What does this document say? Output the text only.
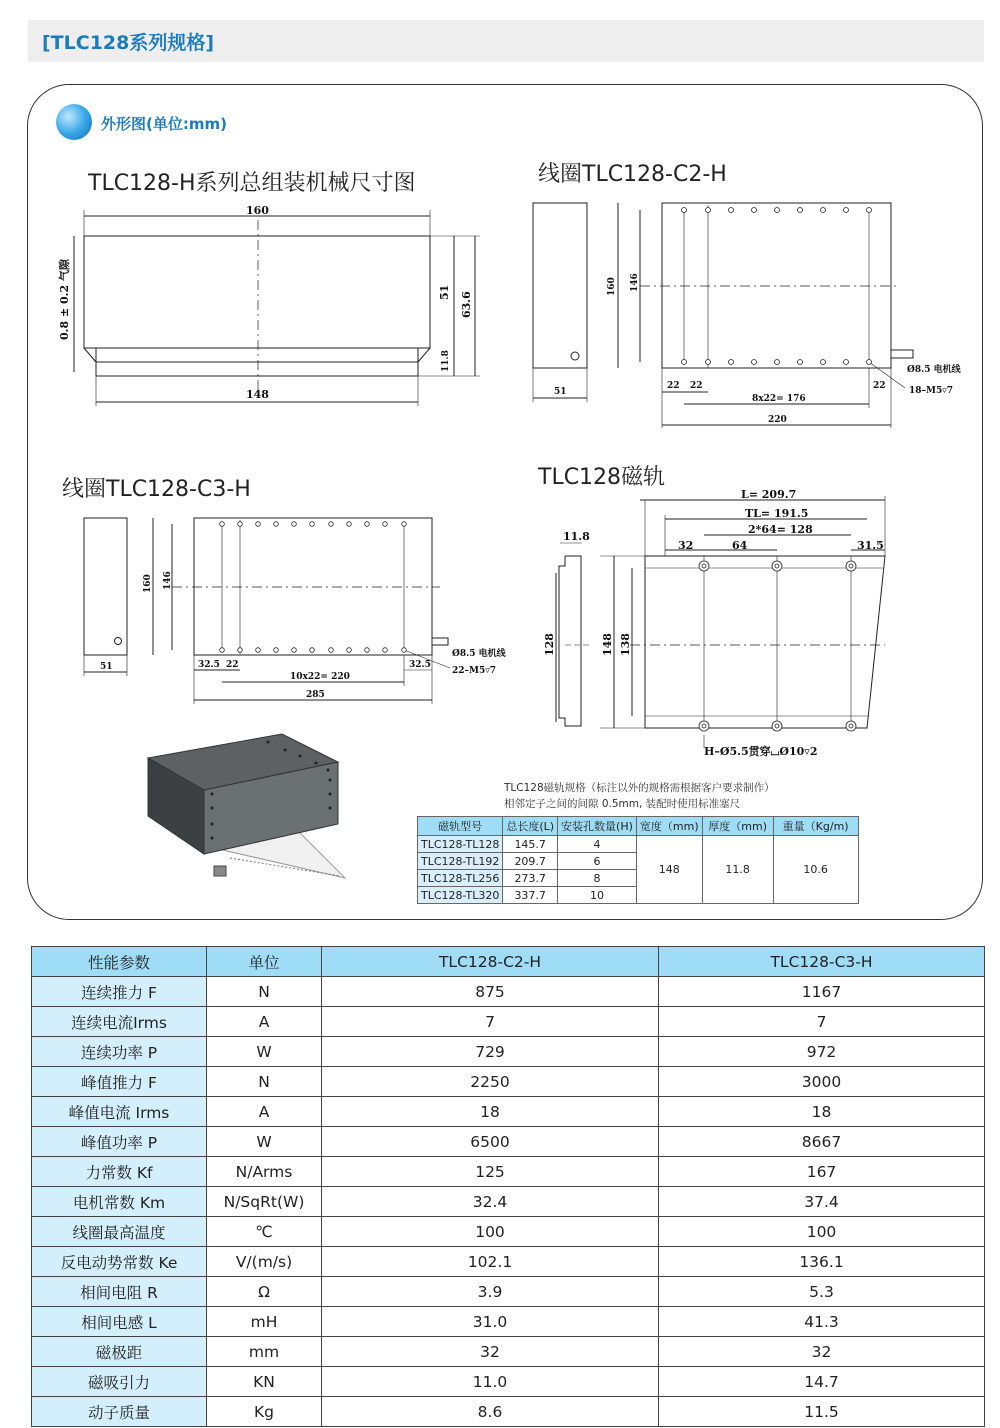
[TLC128系列规格]
外形图(单位:mm)
TLC128-H系列总组装机械尺寸图	线圈TLC128-C2-H
线圈TLC128-C3-H	TLC128磁轨
160
148
51 63.6
11.8
0.8 ± 0.2 气隙	160 146
51
22 22
8x22= 176
22
220
Ø8.5 电机线
18–M5▿7
160 146
51	32.5 22
10x22= 220
32.5
285
Ø8.5 电机线
22–M5▿7
L= 209.7
TL= 191.5
2*64= 128
32	64	31.5
11.8
128	148 138
H–Ø5.5贯穿⌴Ø10▿2
TLC128磁轨规格（标注以外的规格需根据客户要求制作）
相邻定子之间的间隙 0.5mm, 装配时使用标准塞尺
磁轨型号	总长度(L)	安装孔数量(H)	宽度（mm)	厚度（mm)	重量（Kg/m)
TLC128-TL128	145.7	4	148	11.8	10.6
TLC128-TL192	209.7	6			
TLC128-TL256	273.7	8			
TLC128-TL320	337.7	10			
性能参数	单位	TLC128-C2-H	TLC128-C3-H
连续推力 F	N	875	1167
连续电流Irms	A	7	7
连续功率 P	W	729	972
峰值推力 F	N	2250	3000
峰值电流 Irms	A	18	18
峰值功率 P	W	6500	8667
力常数 Kf	N/Arms	125	167
电机常数 Km	N/SqRt(W)	32.4	37.4
线圈最高温度	℃	100	100
反电动势常数 Ke	V/(m/s)	102.1	136.1
相间电阻 R	Ω	3.9	5.3
相间电感 L	mH	31.0	41.3
磁极距	mm	32	32
磁吸引力	KN	11.0	14.7
动子质量	Kg	8.6	11.5
